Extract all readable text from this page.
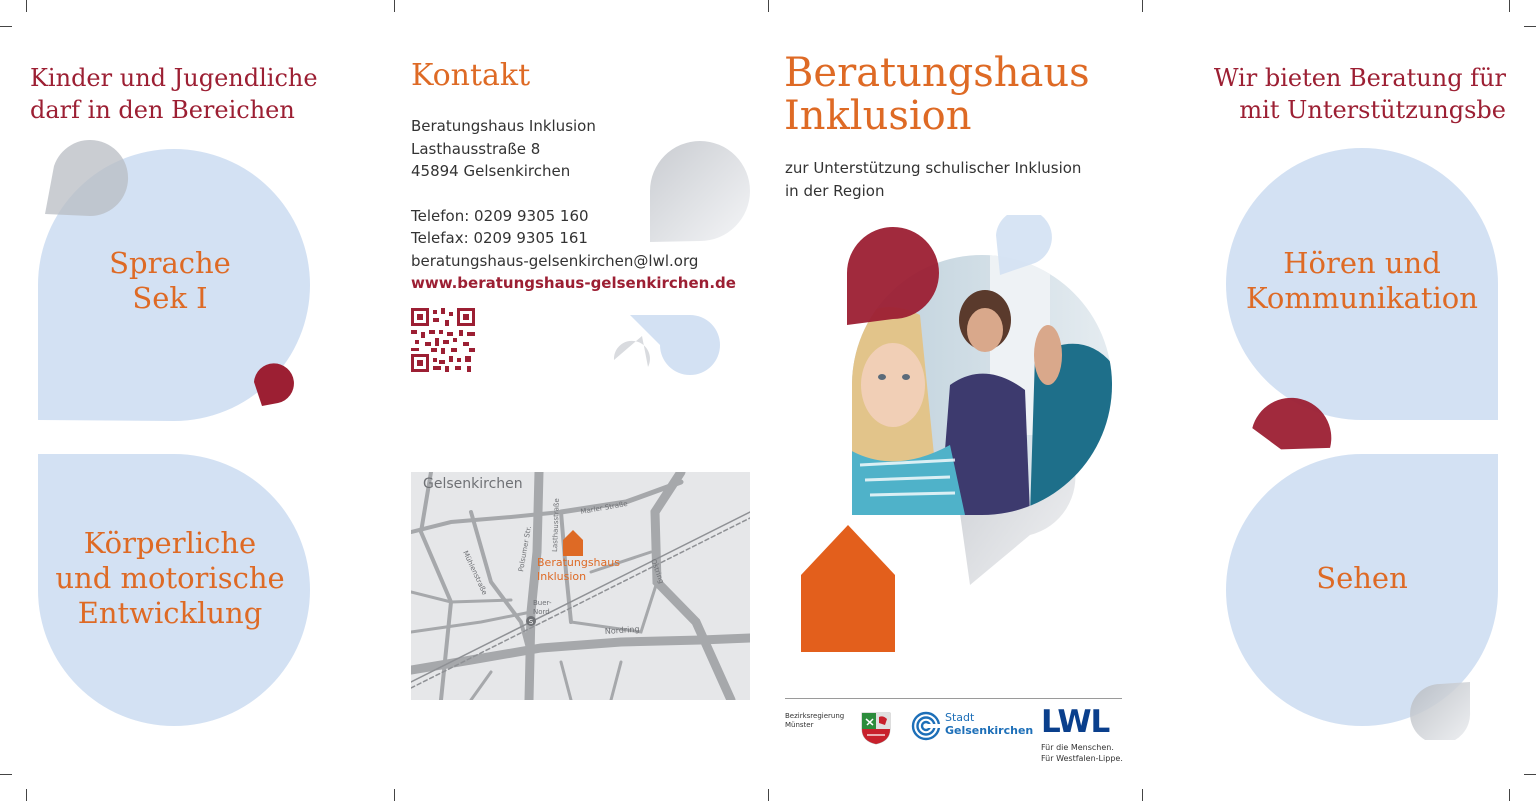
Kinder und Jugendliche
darf in den Bereichen
Sprache
Sek I
Körperliche
und motorische
Entwicklung
Kontakt
Beratungshaus Inklusion
Lasthausstraße 8
45894 Gelsenkirchen
Telefon: 0209 9305 160
Telefax: 0209 9305 161
beratungshaus-gelsenkirchen@lwl.org
www.beratungshaus-gelsenkirchen.de
S
Gelsenkirchen
Beratungshaus
Inklusion
Marler Straße
Lasthausstraße
Polsumer Str.
Mühlenstraße
Buer-
Nord
Nordring
Ostring
Beratungshaus
Inklusion
zur Unterstützung schulischer Inklusion
in der Region
Bezirksregierung
Münster
Stadt
Gelsenkirchen LWL
Für die Menschen.
Für Westfalen-Lippe.
Wir bieten Beratung für
mit Unterstützungsbe
Hören und
Kommunikation
Sehen
